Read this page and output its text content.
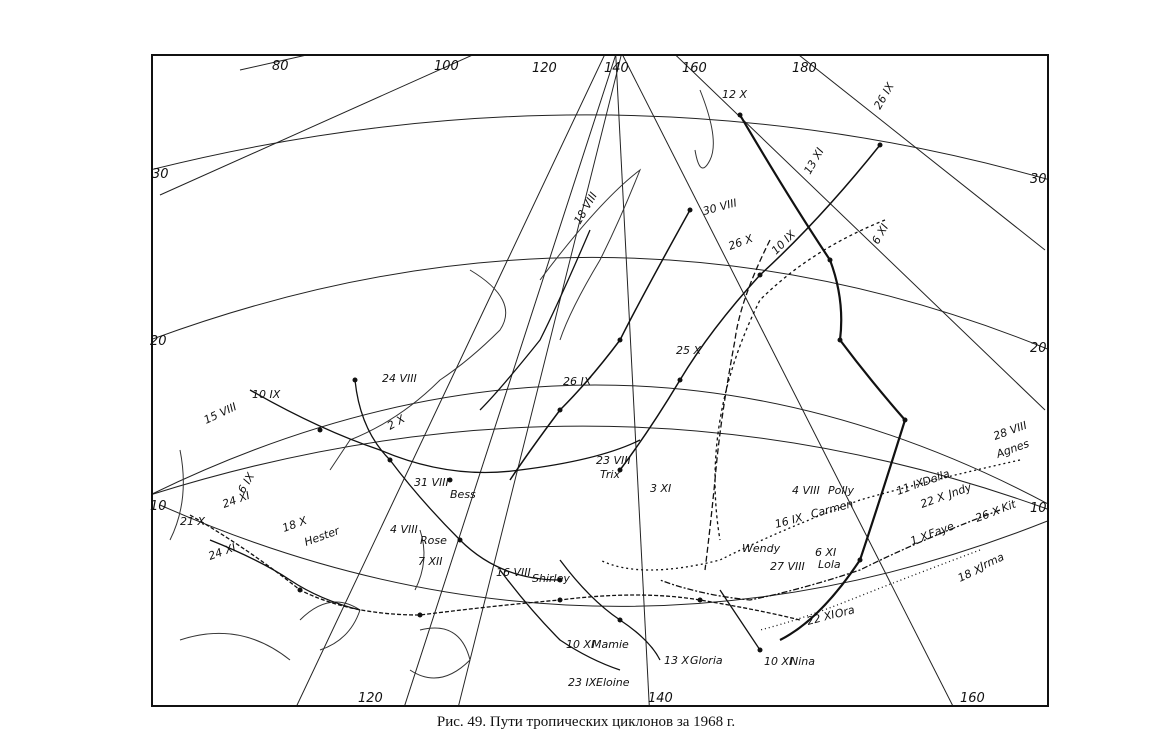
80	100	120	140	160	180
120	140	160
30
20
10
30
20
10
12 X	26 IX
13 XI
6 XI
10 IX
26 X
18 VIII	30 VIII
25 X
24 VIII	26 IX
10 IX
15 VIII	2 X
23 VIII
Trix
3 XI
6 IX	31 VIII
Bess
28 VIII
Agnes
4 VIII Polly	11 IX
Della
22 X Jndy
24 XI
18 X
Hester	4 VIII
Rose
16 IX
Carmen
1 X
Faye
26 X
Kit
21 X
7 XII
Wendy	6 XI
Lola
27 VIII	18 X
Jrma
24 XI
16 VIII Shirley
22 XI
Ora
10 XI
Mamie
13 X Gloria	10 XI
Nina
23 IX Eloine
Рис. 49. Пути тропических циклонов за 1968 г.
